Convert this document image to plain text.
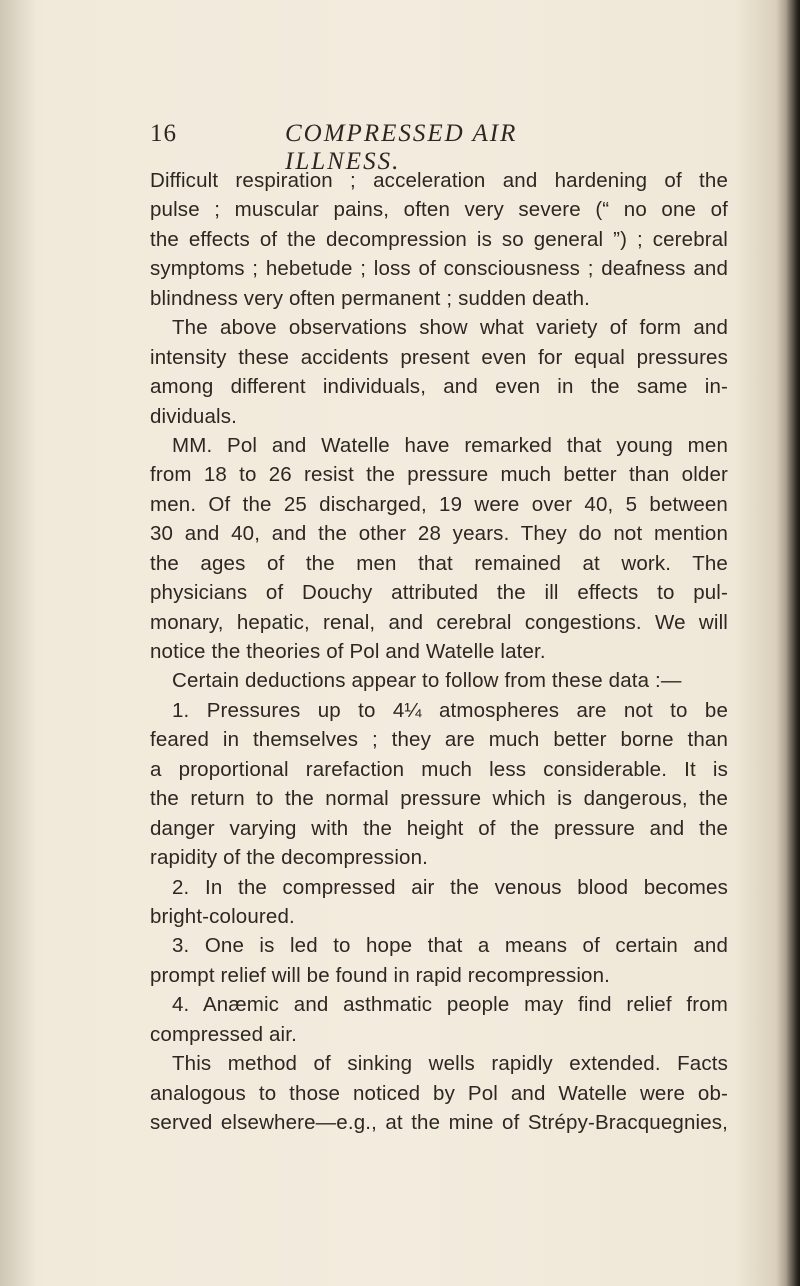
16	COMPRESSED AIR ILLNESS.
Difficult respiration ; acceleration and hardening of the
pulse ; muscular pains, often very severe (“ no one of
the effects of the decompression is so general ”) ; cerebral
symptoms ; hebetude ; loss of consciousness ; deafness and
blindness very often permanent ; sudden death.
The above observations show what variety of form and
intensity these accidents present even for equal pressures
among different individuals, and even in the same in-
dividuals.
MM. Pol and Watelle have remarked that young men
from 18 to 26 resist the pressure much better than older
men. Of the 25 discharged, 19 were over 40, 5 between
30 and 40, and the other 28 years. They do not mention
the ages of the men that remained at work. The
physicians of Douchy attributed the ill effects to pul-
monary, hepatic, renal, and cerebral congestions. We will
notice the theories of Pol and Watelle later.
Certain deductions appear to follow from these data :—
1. Pressures up to 4¼ atmospheres are not to be
feared in themselves ; they are much better borne than
a proportional rarefaction much less considerable. It is
the return to the normal pressure which is dangerous, the
danger varying with the height of the pressure and the
rapidity of the decompression.
2. In the compressed air the venous blood becomes
bright-coloured.
3. One is led to hope that a means of certain and
prompt relief will be found in rapid recompression.
4. Anæmic and asthmatic people may find relief from
compressed air.
This method of sinking wells rapidly extended. Facts
analogous to those noticed by Pol and Watelle were ob-
served elsewhere—e.g., at the mine of Strépy-Bracquegnies,
